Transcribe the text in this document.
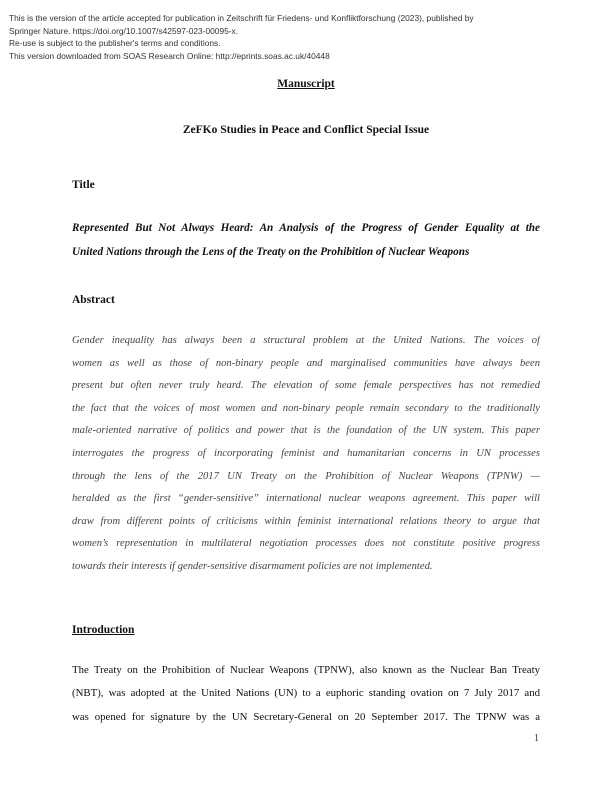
This is the version of the article accepted for publication in Zeitschrift für Friedens- und Konfliktforschung (2023), published by
Springer Nature. https://doi.org/10.1007/s42597-023-00095-x.
Re-use is subject to the publisher's terms and conditions.
This version downloaded from SOAS Research Online: http://eprints.soas.ac.uk/40448
Manuscript
ZeFKo Studies in Peace and Conflict Special Issue
Title
Represented But Not Always Heard: An Analysis of the Progress of Gender Equality at the
United Nations through the Lens of the Treaty on the Prohibition of Nuclear Weapons
Abstract
Gender inequality has always been a structural problem at the United Nations. The voices of
women as well as those of non-binary people and marginalised communities have always been
present but often never truly heard. The elevation of some female perspectives has not remedied
the fact that the voices of most women and non-binary people remain secondary to the traditionally
male-oriented narrative of politics and power that is the foundation of the UN system. This paper
interrogates the progress of incorporating feminist and humanitarian concerns in UN processes
through the lens of the 2017 UN Treaty on the Prohibition of Nuclear Weapons (TPNW) —
heralded as the first “gender-sensitive” international nuclear weapons agreement. This paper will
draw from different points of criticisms within feminist international relations theory to argue that
women’s representation in multilateral negotiation processes does not constitute positive progress
towards their interests if gender-sensitive disarmament policies are not implemented.
Introduction
The Treaty on the Prohibition of Nuclear Weapons (TPNW), also known as the Nuclear Ban Treaty
(NBT), was adopted at the United Nations (UN) to a euphoric standing ovation on 7 July 2017 and
was opened for signature by the UN Secretary-General on 20 September 2017. The TPNW was a
1
